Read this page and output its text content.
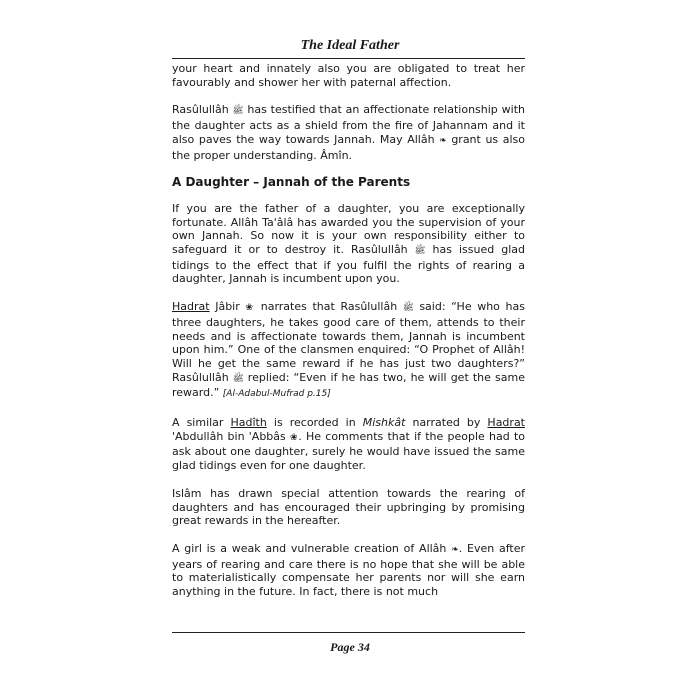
The Ideal Father

your heart and innately also you are obligated to treat her favourably and shower her with paternal affection.

Rasûlullâh ﷺ has testified that an affectionate relationship with the daughter acts as a shield from the fire of Jahannam and it also paves the way towards Jannah. May Allâh ❧ grant us also the proper understanding. Âmîn.

A Daughter – Jannah of the Parents

If you are the father of a daughter, you are exceptionally fortunate. Allâh Ta'âlâ has awarded you the supervision of your own Jannah. So now it is your own responsibility either to safeguard it or to destroy it. Rasûlullâh ﷺ has issued glad tidings to the effect that if you fulfil the rights of rearing a daughter, Jannah is incumbent upon you.

Hadrat Jâbir ❀ narrates that Rasûlullâh ﷺ said: “He who has three daughters, he takes good care of them, attends to their needs and is affectionate towards them, Jannah is incumbent upon him.” One of the clansmen enquired: “O Prophet of Allâh! Will he get the same reward if he has just two daughters?” Rasûlullâh ﷺ replied: “Even if he has two, he will get the same reward.” [Al-Adabul-Mufrad p.15]

A similar Hadîth is recorded in Mishkât narrated by Hadrat 'Abdullâh bin 'Abbâs ❀. He comments that if the people had to ask about one daughter, surely he would have issued the same glad tidings even for one daughter.

Islâm has drawn special attention towards the rearing of daughters and has encouraged their upbringing by promising great rewards in the hereafter.

A girl is a weak and vulnerable creation of Allâh ❧. Even after years of rearing and care there is no hope that she will be able to materialistically compensate her parents nor will she earn anything in the future. In fact, there is not much

Page 34
